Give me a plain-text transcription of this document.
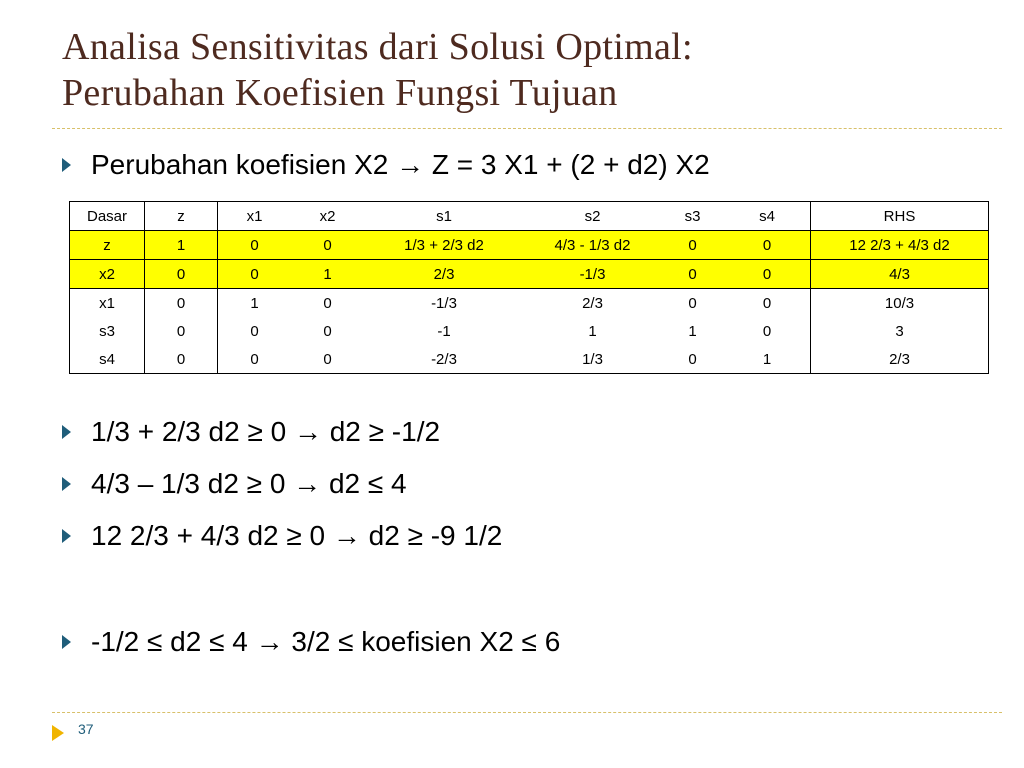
Analisa Sensitivitas dari Solusi Optimal:
Perubahan Koefisien Fungsi Tujuan
Perubahan koefisien X2 → Z = 3 X1 + (2 + d2) X2
Dasar	z	x1	x2	s1	s2	s3	s4	RHS
z	1	0	0	1/3 + 2/3 d2	4/3 - 1/3 d2	0	0	12 2/3 + 4/3 d2
x2	0	0	1	2/3	-1/3	0	0	4/3
x1	0	1	0	-1/3	2/3	0	0	10/3
s3	0	0	0	-1	1	1	0	3
s4	0	0	0	-2/3	1/3	0	1	2/3
1/3 + 2/3 d2 ≥ 0 → d2 ≥ -1/2
4/3 – 1/3 d2 ≥ 0 → d2 ≤ 4
12 2/3 + 4/3 d2 ≥ 0 → d2 ≥ -9 1/2
-1/2 ≤ d2 ≤ 4 → 3/2 ≤ koefisien X2 ≤ 6
37
